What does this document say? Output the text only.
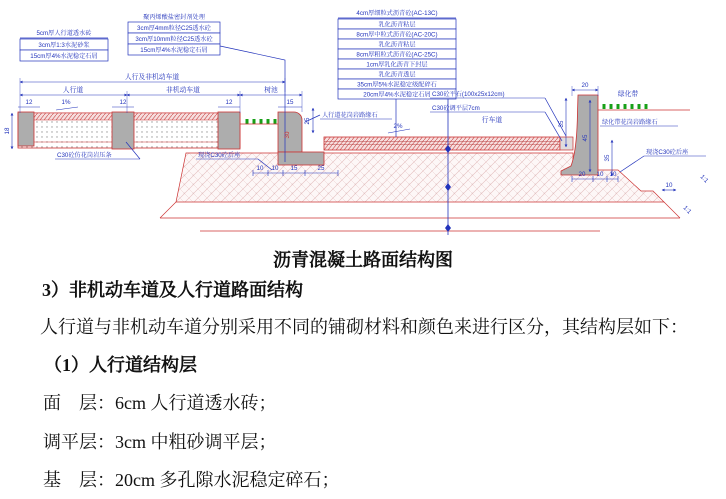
5cm厚人行道透水砖
3cm厚1:3水泥砂浆
15cm厚4%水泥稳定石屑
聚丙烯酸盐密封剂处理
3cm厚4mm粒径C25透水砼
3cm厚10mm粒径C25透水砼
15cm厚4%水泥稳定石屑
4cm厚细粒式沥青砼(AC-13C)
乳化沥青粘层
8cm厚中粒式沥青砼(AC-20C)
乳化沥青粘层
8cm厚粗粒式沥青砼(AC-25C)
1cm厚乳化沥青下封层
乳化沥青透层
35cm厚5%水泥稳定级配碎石
20cm厚4%水泥稳定石屑
人行及非机动车道
人行道	非机动车道	树池
行车道
绿化带
C30砼仿花岗岩压条	现浇C30砼后座
人行道花岗岩路缘石
C30砼平石(100x25x12cm)
C30砼调平层7cm
绿化带花岗岩路缘石
现浇C30砼后座
12	1%	12	12	15
18
10 10 15	25
2%
25
30
20
35
45
35
20 10 10
10
1:1
1:1
沥青混凝土路面结构图
3）非机动车道及人行道路面结构
人行道与非机动车道分别采用不同的铺砌材料和颜色来进行区分，其结构层如下：
（1）人行道结构层
面　层：6cm 人行道透水砖；
调平层：3cm 中粗砂调平层；
基　层：20cm 多孔隙水泥稳定碎石；
